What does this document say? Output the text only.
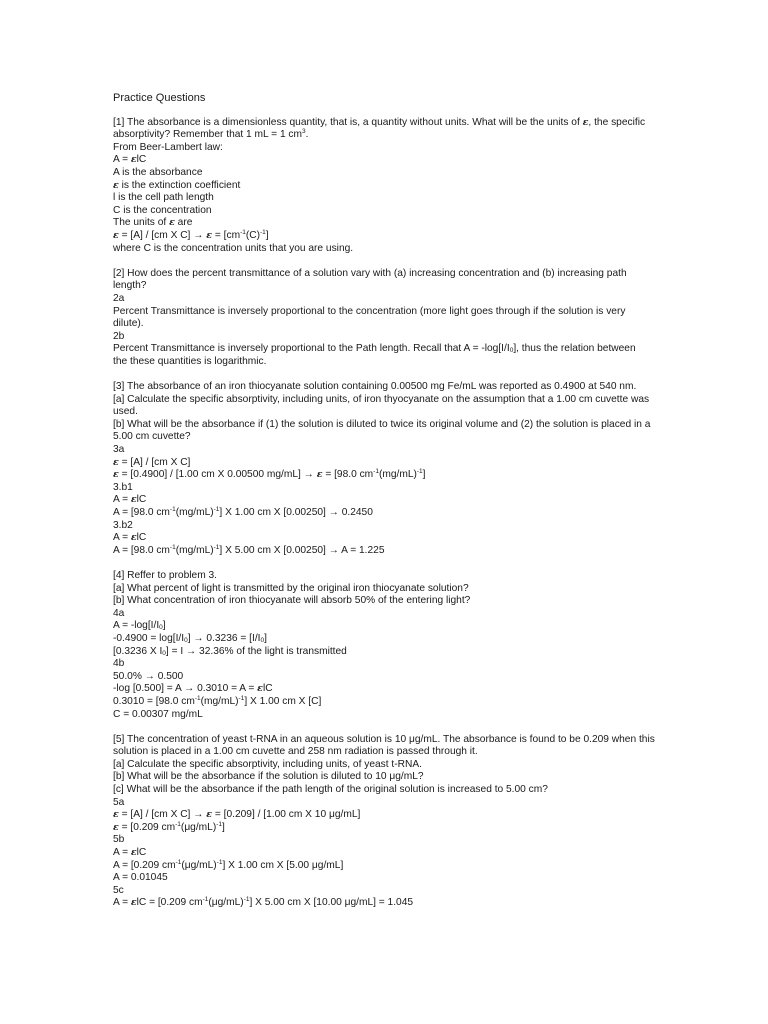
Practice Questions
[1] The absorbance is a dimensionless quantity, that is, a quantity without units. What will be the units of ε, the specific
absorptivity? Remember that 1 mL = 1 $cm^3$.
From Beer-Lambert law:
A = εlC
A is the absorbance
ε is the extinction coefficient
l is the cell path length
C is the concentration
The units of ε are
ε = [A] / [cm X $C] \to \varepsilon = [cm^{-1}(C)^{-1}]$
where C is the concentration units that you are using.
[2] How does the percent transmittance of a solution vary with (a) increasing concentration and (b) increasing path
length?
2a
Percent Transmittance is inversely proportional to the concentration (more light goes through if the solution is very
dilute).
2b
Percent Transmittance is inversely proportional to the Path length. Recall that $A = -\log[I/I_0]$, thus the relation between
the these quantities is logarithmic.
[3] The absorbance of an iron thiocyanate solution containing 0.00500 mg Fe/mL was reported as 0.4900 at 540 nm.
[a] Calculate the specific absorptivity, including units, of iron thyocyanate on the assumption that a 1.00 cm cuvette was
used.
[b] What will be the absorbance if (1) the solution is diluted to twice its original volume and (2) the solution is placed in a
5.00 cm cuvette?
3a
ε = [A] / [cm X C]
ε = [0.4900] / [1.00 cm X 0.00500 mg/mL] → ε = [98.0 $cm^{-1}(mg/mL)^{-1}$]
3.b1
A = εlC
A = [98.0 $cm^{-1}(mg/mL)^{-1}$] X 1.00 cm X [0.00250] → 0.2450
3.b2
A = εlC
A = [98.0 $cm^{-1}(mg/mL)^{-1}$] X 5.00 cm X [0.00250] → A = 1.225
[4] Reffer to problem 3.
[a] What percent of light is transmitted by the original iron thiocyanate solution?
[b] What concentration of iron thiocyanate will absorb 50% of the entering light?
4a
$A = -\log[I/I_0]$
$-0.4900 = \log[I/I_0] \to 0.3236 = [I/I_0]$
[0.3236 X $I_0] = I \to 32.36\%$ of the light is transmitted
4b
50.0% → 0.500
-log [0.500] = A → 0.3010 = A = εlC
0.3010 = [98.0 $cm^{-1}(mg/mL)^{-1}$] X 1.00 cm X [C]
C = 0.00307 mg/mL
[5] The concentration of yeast t-RNA in an aqueous solution is 10 μg/mL. The absorbance is found to be 0.209 when this
solution is placed in a 1.00 cm cuvette and 258 nm radiation is passed through it.
[a] Calculate the specific absorptivity, including units, of yeast t-RNA.
[b] What will be the absorbance if the solution is diluted to 10 μg/mL?
[c] What will be the absorbance if the path length of the original solution is increased to 5.00 cm?
5a
ε = [A] / [cm X C] → ε = [0.209] / [1.00 cm X 10 μg/mL]
ε = [0.209 $cm^{-1}(\mu g/mL)^{-1}$]
5b
A = εlC
A = [0.209 $cm^{-1}(\mu g/mL)^{-1}$] X 1.00 cm X [5.00 μg/mL]
A = 0.01045
5c
A = εlC = [0.209 $cm^{-1}(\mu g/mL)^{-1}$] X 5.00 cm X [10.00 μg/mL] = 1.045
